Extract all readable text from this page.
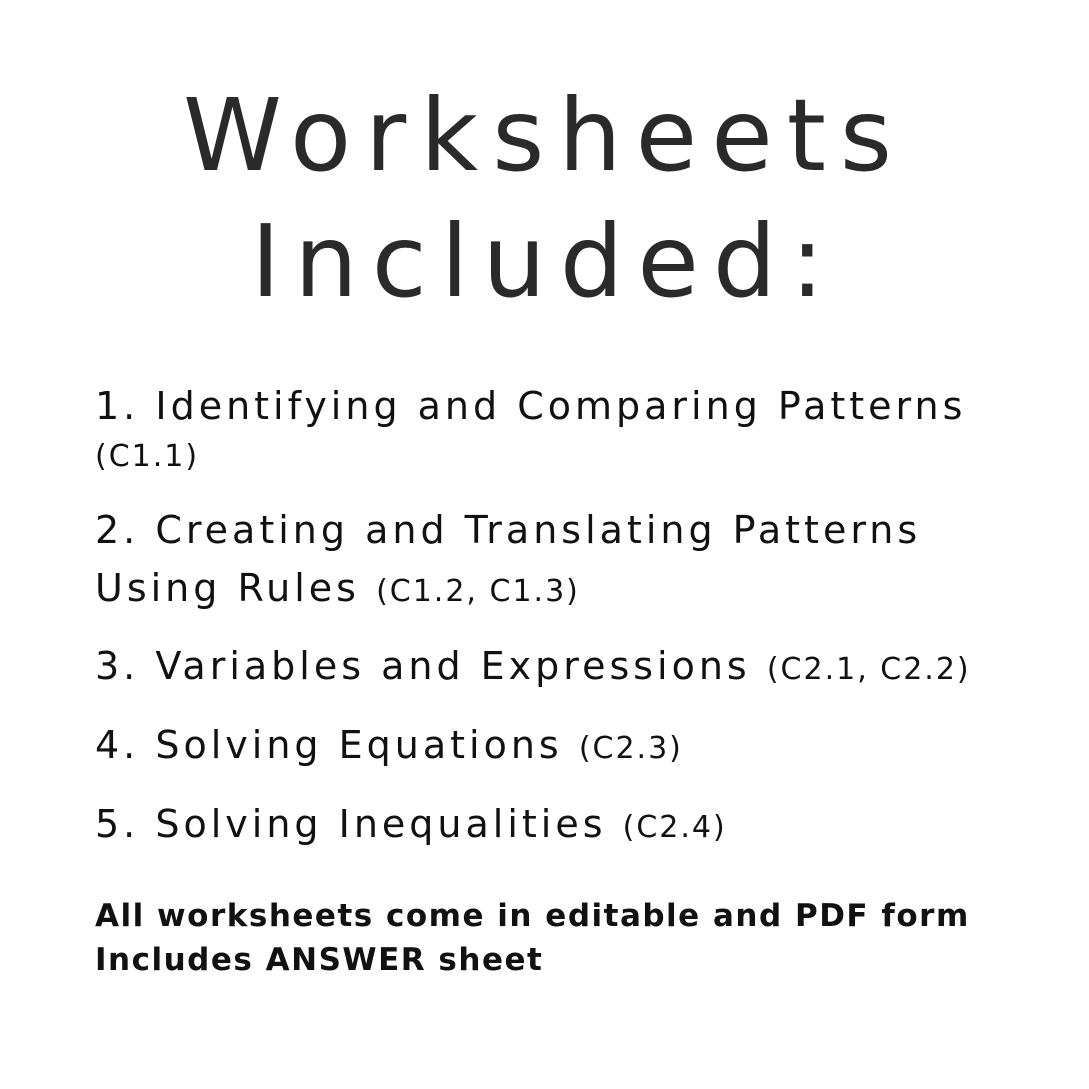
Worksheets
Included:
1. Identifying and Comparing Patterns
(C1.1)
2. Creating and Translating Patterns
Using Rules (C1.2, C1.3)
3. Variables and Expressions (C2.1, C2.2)
4. Solving Equations (C2.3)
5. Solving Inequalities (C2.4)
All worksheets come in editable and PDF form
Includes ANSWER sheet
